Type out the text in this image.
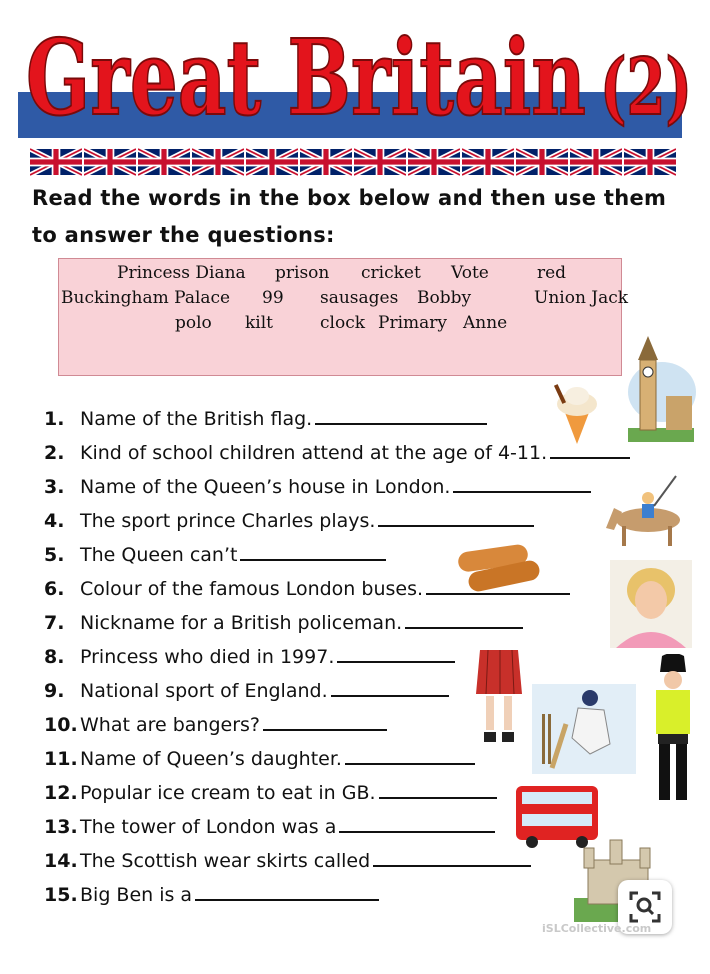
Great Britain (2)
Read the words in the box below and then use them to answer the questions:
Princess Diana prison cricket Vote	red
Buckingham Palace 99 sausages Bobby	Union Jack
polo kilt	clock Primary Anne
1. Name of the British flag.
2. Kind of school children attend at the age of 4-11.
3. Name of the Queen’s house in London.
4. The sport prince Charles plays.
5. The Queen can’t
6. Colour of the famous London buses.
7. Nickname for a British policeman.
8. Princess who died in 1997.
9. National sport of England.
10. What are bangers?
11. Name of Queen’s daughter.
12. Popular ice cream to eat in GB.
13. The tower of London was a
14. The Scottish wear skirts called
15. Big Ben is a
iSLCollective.com
